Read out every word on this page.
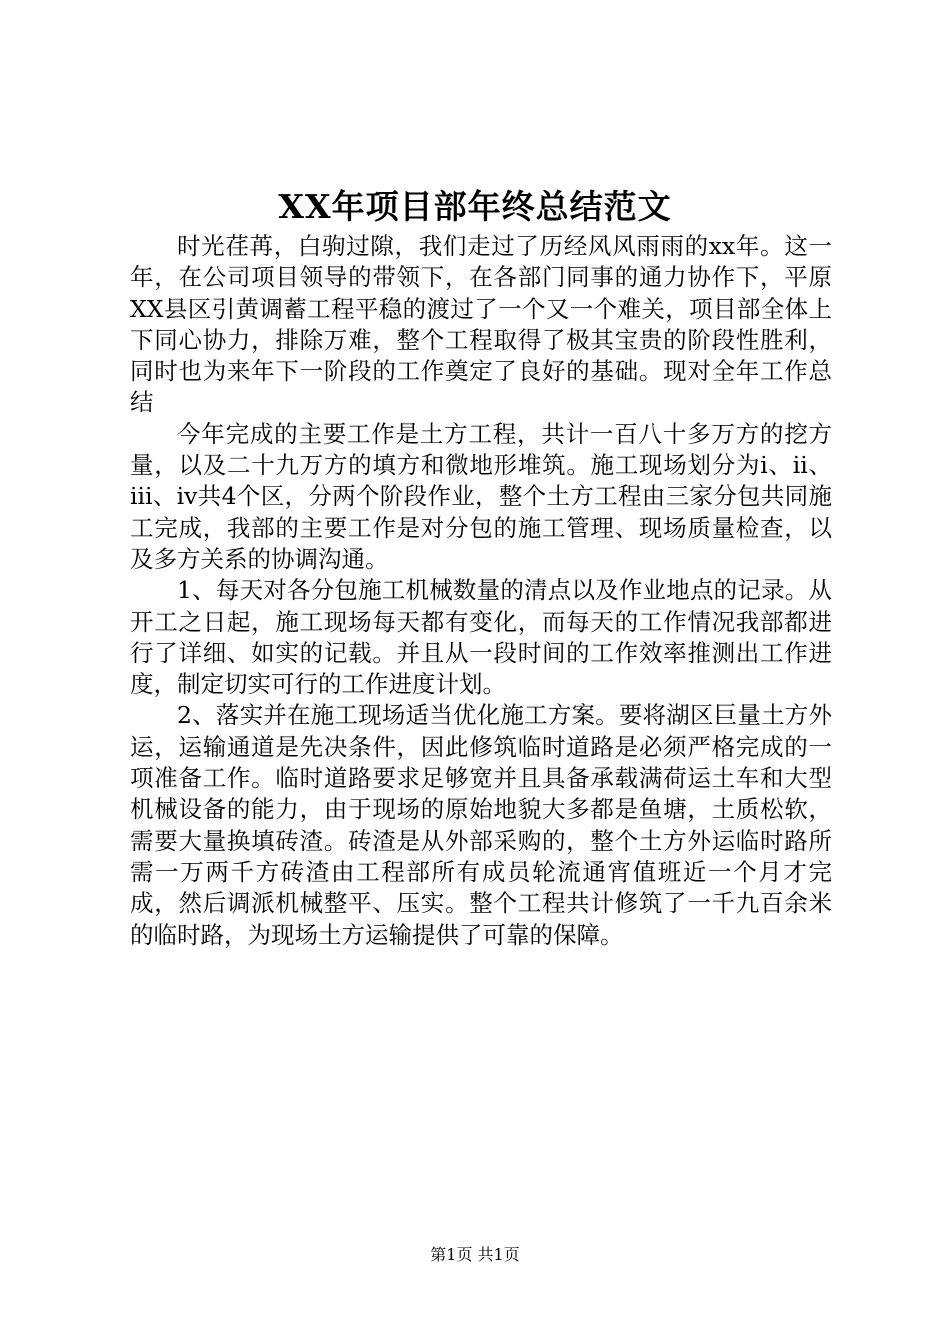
XX年项目部年终总结范文

时光荏苒，白驹过隙，我们走过了历经风风雨雨的xx年。这一年，在公司项目领导的带领下，在各部门同事的通力协作下，平原XX县区引黄调蓄工程平稳的渡过了一个又一个难关，项目部全体上下同心协力，排除万难，整个工程取得了极其宝贵的阶段性胜利，同时也为来年下一阶段的工作奠定了良好的基础。现对全年工作总结

今年完成的主要工作是土方工程，共计一百八十多万方的挖方量，以及二十九万方的填方和微地形堆筑。施工现场划分为ⅰ、ⅱ、ⅲ、ⅳ共4个区，分两个阶段作业，整个土方工程由三家分包共同施工完成，我部的主要工作是对分包的施工管理、现场质量检查，以及多方关系的协调沟通。

1、每天对各分包施工机械数量的清点以及作业地点的记录。从开工之日起，施工现场每天都有变化，而每天的工作情况我部都进行了详细、如实的记载。并且从一段时间的工作效率推测出工作进度，制定切实可行的工作进度计划。

2、落实并在施工现场适当优化施工方案。要将湖区巨量土方外运，运输通道是先决条件，因此修筑临时道路是必须严格完成的一项准备工作。临时道路要求足够宽并且具备承载满荷运土车和大型机械设备的能力，由于现场的原始地貌大多都是鱼塘，土质松软，需要大量换填砖渣。砖渣是从外部采购的，整个土方外运临时路所需一万两千方砖渣由工程部所有成员轮流通宵值班近一个月才完成，然后调派机械整平、压实。整个工程共计修筑了一千九百余米的临时路，为现场土方运输提供了可靠的保障。

第1页 共1页
